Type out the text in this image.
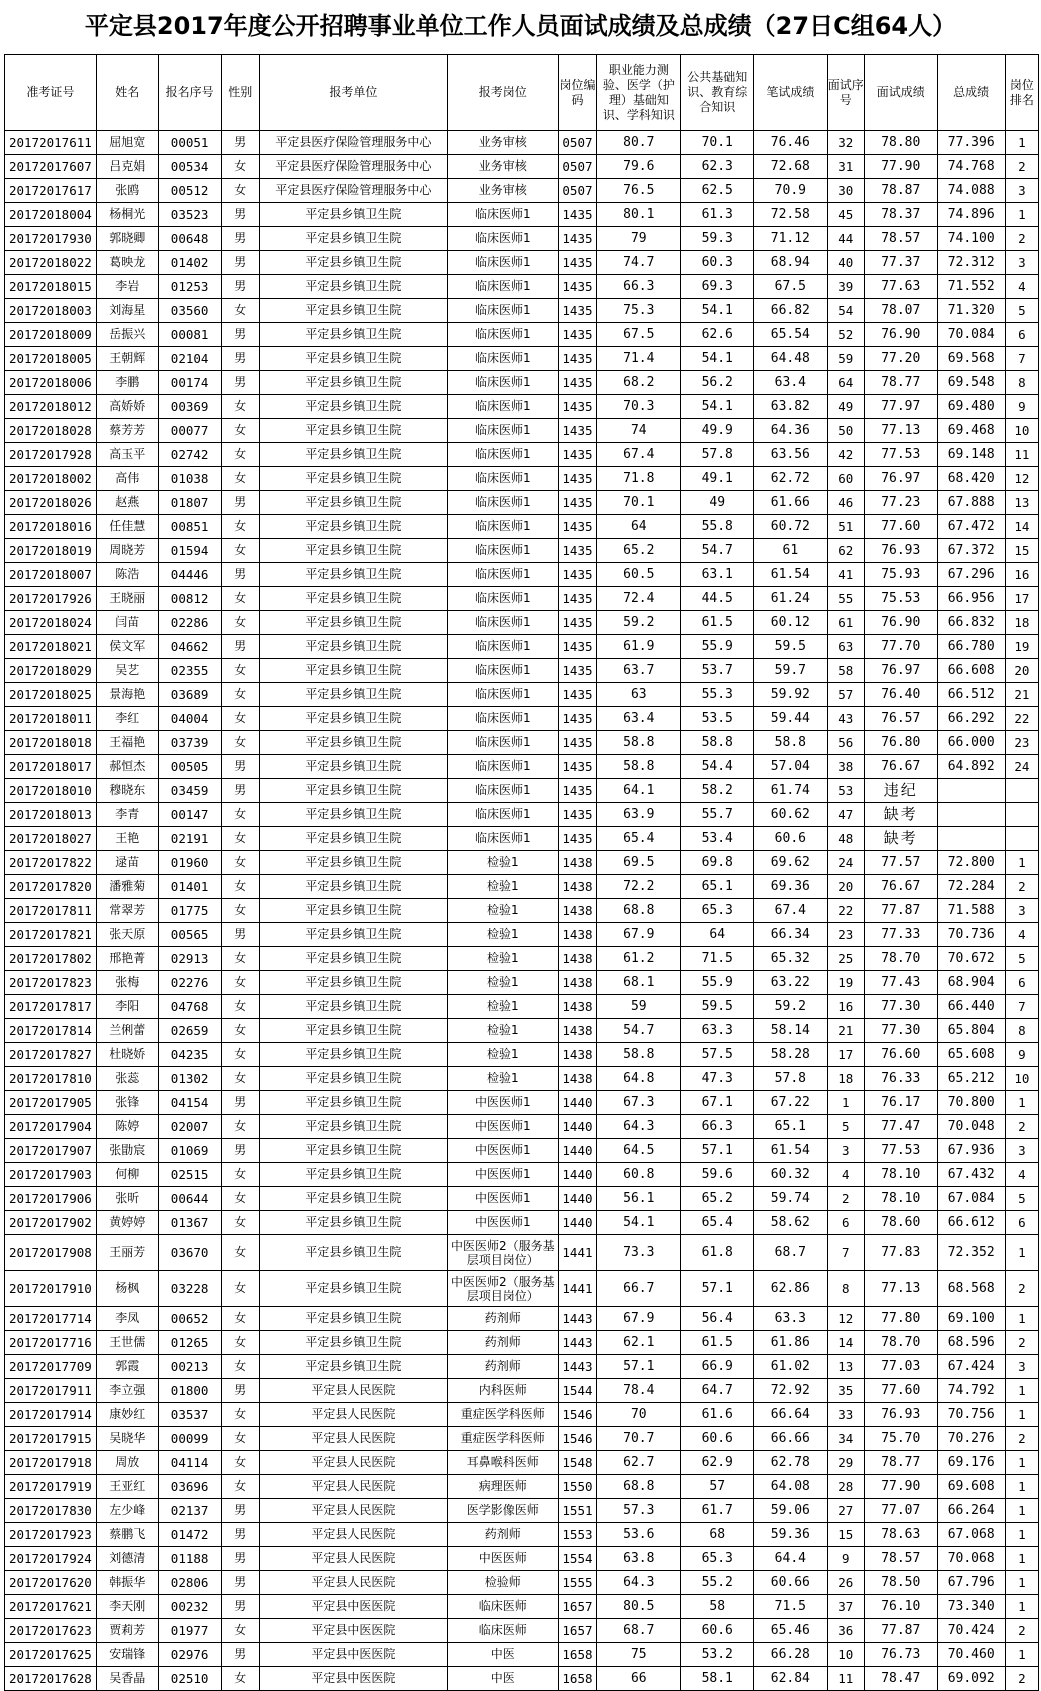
平定县2017年度公开招聘事业单位工作人员面试成绩及总成绩（27日C组64人）
准考证号	姓名	报名序号	性别	报考单位	报考岗位	岗位编码	职业能力测验、医学（护理）基础知识、学科知识	公共基础知识、教育综合知识	笔试成绩	面试序号	面试成绩	总成绩	岗位排名
20172017611	屈旭宽	00051	男	平定县医疗保险管理服务中心	业务审核	0507	80.7	70.1	76.46	32	78.80	77.396	1
20172017607	吕克娟	00534	女	平定县医疗保险管理服务中心	业务审核	0507	79.6	62.3	72.68	31	77.90	74.768	2
20172017617	张鸥	00512	女	平定县医疗保险管理服务中心	业务审核	0507	76.5	62.5	70.9	30	78.87	74.088	3
20172018004	杨桐光	03523	男	平定县乡镇卫生院	临床医师1	1435	80.1	61.3	72.58	45	78.37	74.896	1
20172017930	郭晓卿	00648	男	平定县乡镇卫生院	临床医师1	1435	79	59.3	71.12	44	78.57	74.100	2
20172018022	葛映龙	01402	男	平定县乡镇卫生院	临床医师1	1435	74.7	60.3	68.94	40	77.37	72.312	3
20172018015	李岩	01253	男	平定县乡镇卫生院	临床医师1	1435	66.3	69.3	67.5	39	77.63	71.552	4
20172018003	刘海星	03560	女	平定县乡镇卫生院	临床医师1	1435	75.3	54.1	66.82	54	78.07	71.320	5
20172018009	岳振兴	00081	男	平定县乡镇卫生院	临床医师1	1435	67.5	62.6	65.54	52	76.90	70.084	6
20172018005	王朝辉	02104	男	平定县乡镇卫生院	临床医师1	1435	71.4	54.1	64.48	59	77.20	69.568	7
20172018006	李鹏	00174	男	平定县乡镇卫生院	临床医师1	1435	68.2	56.2	63.4	64	78.77	69.548	8
20172018012	高娇娇	00369	女	平定县乡镇卫生院	临床医师1	1435	70.3	54.1	63.82	49	77.97	69.480	9
20172018028	蔡芳芳	00077	女	平定县乡镇卫生院	临床医师1	1435	74	49.9	64.36	50	77.13	69.468	10
20172017928	高玉平	02742	女	平定县乡镇卫生院	临床医师1	1435	67.4	57.8	63.56	42	77.53	69.148	11
20172018002	高伟	01038	女	平定县乡镇卫生院	临床医师1	1435	71.8	49.1	62.72	60	76.97	68.420	12
20172018026	赵燕	01807	男	平定县乡镇卫生院	临床医师1	1435	70.1	49	61.66	46	77.23	67.888	13
20172018016	任佳慧	00851	女	平定县乡镇卫生院	临床医师1	1435	64	55.8	60.72	51	77.60	67.472	14
20172018019	周晓芳	01594	女	平定县乡镇卫生院	临床医师1	1435	65.2	54.7	61	62	76.93	67.372	15
20172018007	陈浩	04446	男	平定县乡镇卫生院	临床医师1	1435	60.5	63.1	61.54	41	75.93	67.296	16
20172017926	王晓丽	00812	女	平定县乡镇卫生院	临床医师1	1435	72.4	44.5	61.24	55	75.53	66.956	17
20172018024	闫苗	02286	女	平定县乡镇卫生院	临床医师1	1435	59.2	61.5	60.12	61	76.90	66.832	18
20172018021	侯文军	04662	男	平定县乡镇卫生院	临床医师1	1435	61.9	55.9	59.5	63	77.70	66.780	19
20172018029	吴艺	02355	女	平定县乡镇卫生院	临床医师1	1435	63.7	53.7	59.7	58	76.97	66.608	20
20172018025	景海艳	03689	女	平定县乡镇卫生院	临床医师1	1435	63	55.3	59.92	57	76.40	66.512	21
20172018011	李红	04004	女	平定县乡镇卫生院	临床医师1	1435	63.4	53.5	59.44	43	76.57	66.292	22
20172018018	王福艳	03739	女	平定县乡镇卫生院	临床医师1	1435	58.8	58.8	58.8	56	76.80	66.000	23
20172018017	郝恒杰	00505	男	平定县乡镇卫生院	临床医师1	1435	58.8	54.4	57.04	38	76.67	64.892	24
20172018010	穆晓东	03459	男	平定县乡镇卫生院	临床医师1	1435	64.1	58.2	61.74	53	违纪		
20172018013	李青	00147	女	平定县乡镇卫生院	临床医师1	1435	63.9	55.7	60.62	47	缺考		
20172018027	王艳	02191	女	平定县乡镇卫生院	临床医师1	1435	65.4	53.4	60.6	48	缺考		
20172017822	逯苗	01960	女	平定县乡镇卫生院	检验1	1438	69.5	69.8	69.62	24	77.57	72.800	1
20172017820	潘雅菊	01401	女	平定县乡镇卫生院	检验1	1438	72.2	65.1	69.36	20	76.67	72.284	2
20172017811	常翠芳	01775	女	平定县乡镇卫生院	检验1	1438	68.8	65.3	67.4	22	77.87	71.588	3
20172017821	张天原	00565	男	平定县乡镇卫生院	检验1	1438	67.9	64	66.34	23	77.33	70.736	4
20172017802	邢艳菁	02913	女	平定县乡镇卫生院	检验1	1438	61.2	71.5	65.32	25	78.70	70.672	5
20172017823	张梅	02276	女	平定县乡镇卫生院	检验1	1438	68.1	55.9	63.22	19	77.43	68.904	6
20172017817	李阳	04768	女	平定县乡镇卫生院	检验1	1438	59	59.5	59.2	16	77.30	66.440	7
20172017814	兰俐蕾	02659	女	平定县乡镇卫生院	检验1	1438	54.7	63.3	58.14	21	77.30	65.804	8
20172017827	杜晓娇	04235	女	平定县乡镇卫生院	检验1	1438	58.8	57.5	58.28	17	76.60	65.608	9
20172017810	张蕊	01302	女	平定县乡镇卫生院	检验1	1438	64.8	47.3	57.8	18	76.33	65.212	10
20172017905	张锋	04154	男	平定县乡镇卫生院	中医医师1	1440	67.3	67.1	67.22	1	76.17	70.800	1
20172017904	陈婷	02007	女	平定县乡镇卫生院	中医医师1	1440	64.3	66.3	65.1	5	77.47	70.048	2
20172017907	张勖宸	01069	男	平定县乡镇卫生院	中医医师1	1440	64.5	57.1	61.54	3	77.53	67.936	3
20172017903	何柳	02515	女	平定县乡镇卫生院	中医医师1	1440	60.8	59.6	60.32	4	78.10	67.432	4
20172017906	张昕	00644	女	平定县乡镇卫生院	中医医师1	1440	56.1	65.2	59.74	2	78.10	67.084	5
20172017902	黄婷婷	01367	女	平定县乡镇卫生院	中医医师1	1440	54.1	65.4	58.62	6	78.60	66.612	6
20172017908	王丽芳	03670	女	平定县乡镇卫生院	中医医师2（服务基层项目岗位）	1441	73.3	61.8	68.7	7	77.83	72.352	1
20172017910	杨枫	03228	女	平定县乡镇卫生院	中医医师2（服务基层项目岗位）	1441	66.7	57.1	62.86	8	77.13	68.568	2
20172017714	李凤	00652	女	平定县乡镇卫生院	药剂师	1443	67.9	56.4	63.3	12	77.80	69.100	1
20172017716	王世儒	01265	女	平定县乡镇卫生院	药剂师	1443	62.1	61.5	61.86	14	78.70	68.596	2
20172017709	郭霞	00213	女	平定县乡镇卫生院	药剂师	1443	57.1	66.9	61.02	13	77.03	67.424	3
20172017911	李立强	01800	男	平定县人民医院	内科医师	1544	78.4	64.7	72.92	35	77.60	74.792	1
20172017914	康妙红	03537	女	平定县人民医院	重症医学科医师	1546	70	61.6	66.64	33	76.93	70.756	1
20172017915	吴晓华	00099	女	平定县人民医院	重症医学科医师	1546	70.7	60.6	66.66	34	75.70	70.276	2
20172017918	周放	04114	女	平定县人民医院	耳鼻喉科医师	1548	62.7	62.9	62.78	29	78.77	69.176	1
20172017919	王亚红	03696	女	平定县人民医院	病理医师	1550	68.8	57	64.08	28	77.90	69.608	1
20172017830	左少峰	02137	男	平定县人民医院	医学影像医师	1551	57.3	61.7	59.06	27	77.07	66.264	1
20172017923	蔡鹏飞	01472	男	平定县人民医院	药剂师	1553	53.6	68	59.36	15	78.63	67.068	1
20172017924	刘德清	01188	男	平定县人民医院	中医医师	1554	63.8	65.3	64.4	9	78.57	70.068	1
20172017620	韩振华	02806	男	平定县人民医院	检验师	1555	64.3	55.2	60.66	26	78.50	67.796	1
20172017621	李天刚	00232	男	平定县中医医院	临床医师	1657	80.5	58	71.5	37	76.10	73.340	1
20172017623	贾莉芳	01977	女	平定县中医医院	临床医师	1657	68.7	60.6	65.46	36	77.87	70.424	2
20172017625	安瑞锋	02976	男	平定县中医医院	中医	1658	75	53.2	66.28	10	76.73	70.460	1
20172017628	吴香晶	02510	女	平定县中医医院	中医	1658	66	58.1	62.84	11	78.47	69.092	2
